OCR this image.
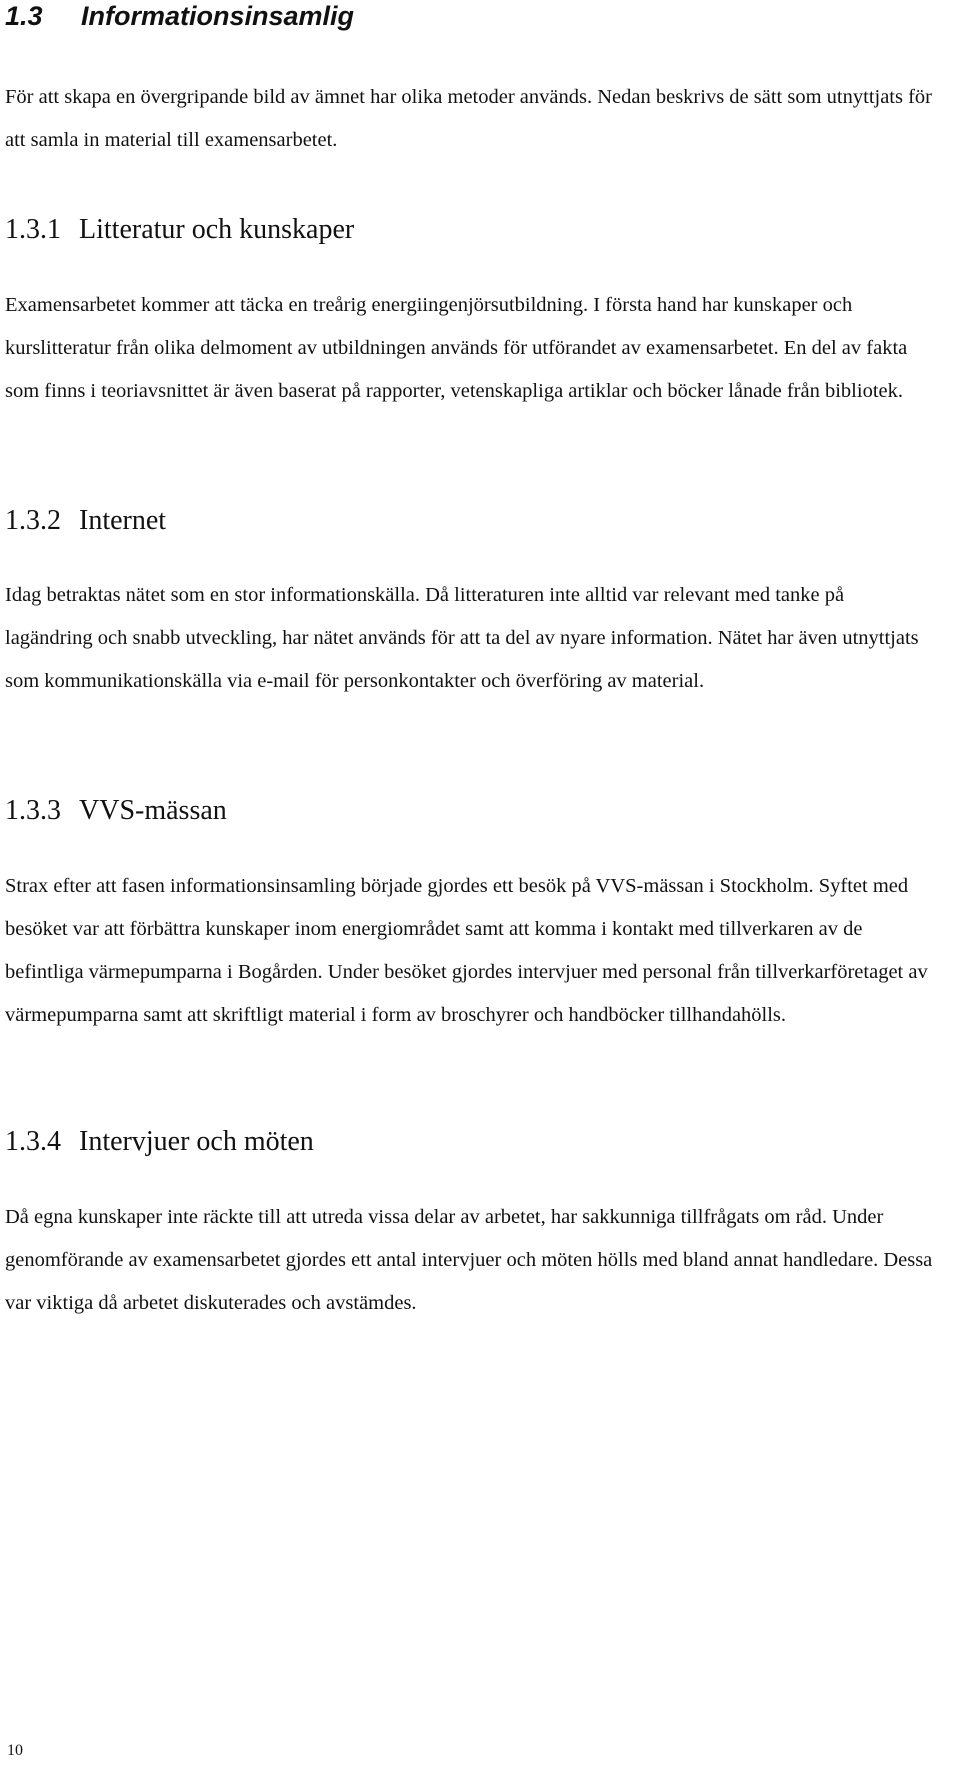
1.3 Informationsinsamlig

För att skapa en övergripande bild av ämnet har olika metoder används. Nedan beskrivs de sätt som utnyttjats för att samla in material till examensarbetet.

1.3.1 Litteratur och kunskaper

Examensarbetet kommer att täcka en treårig energiingenjörsutbildning. I första hand har kunskaper och kurslitteratur från olika delmoment av utbildningen används för utförandet av examensarbetet. En del av fakta som finns i teoriavsnittet är även baserat på rapporter, vetenskapliga artiklar och böcker lånade från bibliotek.

1.3.2 Internet

Idag betraktas nätet som en stor informationskälla. Då litteraturen inte alltid var relevant med tanke på lagändring och snabb utveckling, har nätet används för att ta del av nyare information. Nätet har även utnyttjats som kommunikationskälla via e-mail för personkontakter och överföring av material.

1.3.3 VVS-mässan

Strax efter att fasen informationsinsamling började gjordes ett besök på VVS-mässan i Stockholm. Syftet med besöket var att förbättra kunskaper inom energiområdet samt att komma i kontakt med tillverkaren av de befintliga värmepumparna i Bogården. Under besöket gjordes intervjuer med personal från tillverkarföretaget av värmepumparna samt att skriftligt material i form av broschyrer och handböcker tillhandahölls.

1.3.4 Intervjuer och möten

Då egna kunskaper inte räckte till att utreda vissa delar av arbetet, har sakkunniga tillfrågats om råd. Under genomförande av examensarbetet gjordes ett antal intervjuer och möten hölls med bland annat handledare. Dessa var viktiga då arbetet diskuterades och avstämdes.

10
